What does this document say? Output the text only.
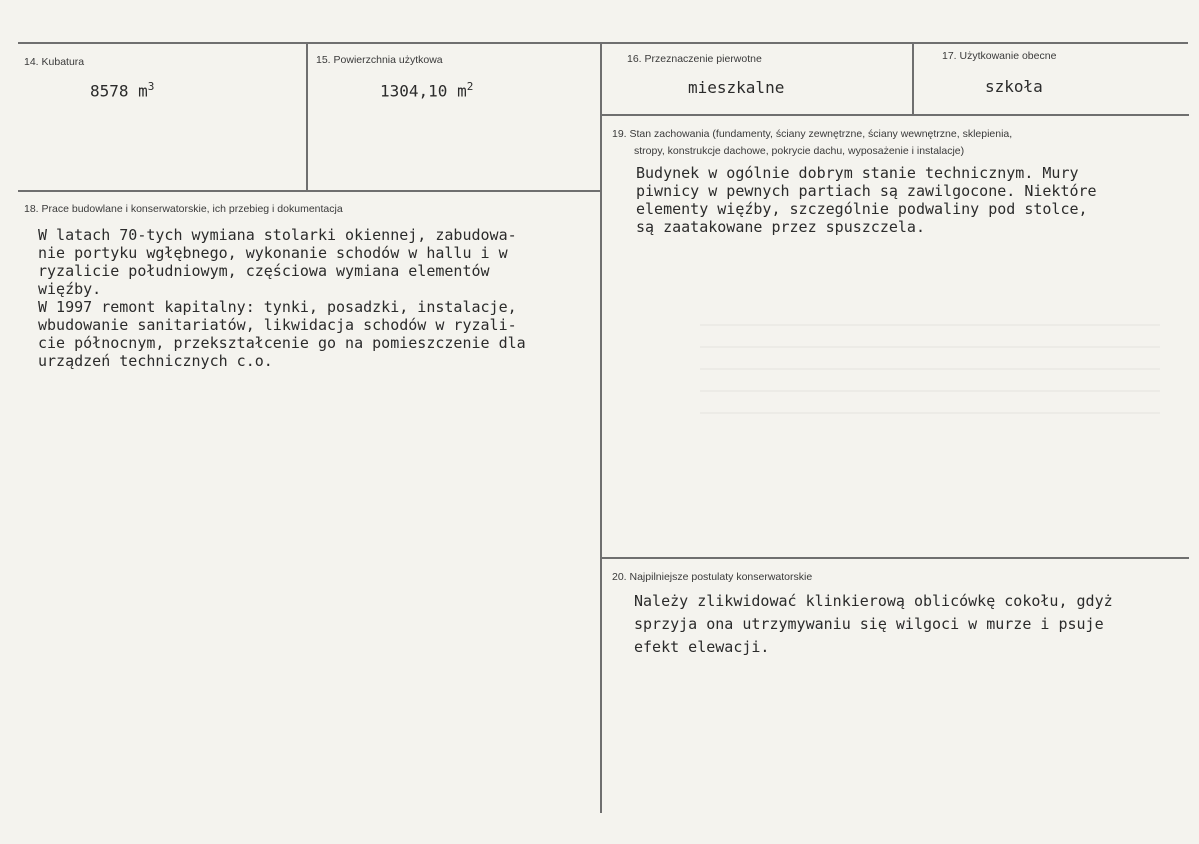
14. Kubatura
8578 $m^3$
15. Powierzchnia użytkowa
1304,10 $m^2$
16. Przeznaczenie pierwotne
mieszkalne
17. Użytkowanie obecne
szkoła
18. Prace budowlane i konserwatorskie, ich przebieg i dokumentacja
W latach 70-tych wymiana stolarki okiennej, zabudowa-
nie portyku wgłębnego, wykonanie schodów w hallu i w
ryzalicie południowym, częściowa wymiana elementów
więźby.
W 1997 remont kapitalny: tynki, posadzki, instalacje,
wbudowanie sanitariatów, likwidacja schodów w ryzali-
cie północnym, przekształcenie go na pomieszczenie dla
urządzeń technicznych c.o.
19. Stan zachowania (fundamenty, ściany zewnętrzne, ściany wewnętrzne, sklepienia,
stropy, konstrukcje dachowe, pokrycie dachu, wyposażenie i instalacje)
Budynek w ogólnie dobrym stanie technicznym. Mury
piwnicy w pewnych partiach są zawilgocone. Niektóre
elementy więźby, szczególnie podwaliny pod stolce,
są zaatakowane przez spuszczela.
20. Najpilniejsze postulaty konserwatorskie
Należy zlikwidować klinkierową oblicówkę cokołu, gdyż
sprzyja ona utrzymywaniu się wilgoci w murze i psuje
efekt elewacji.
